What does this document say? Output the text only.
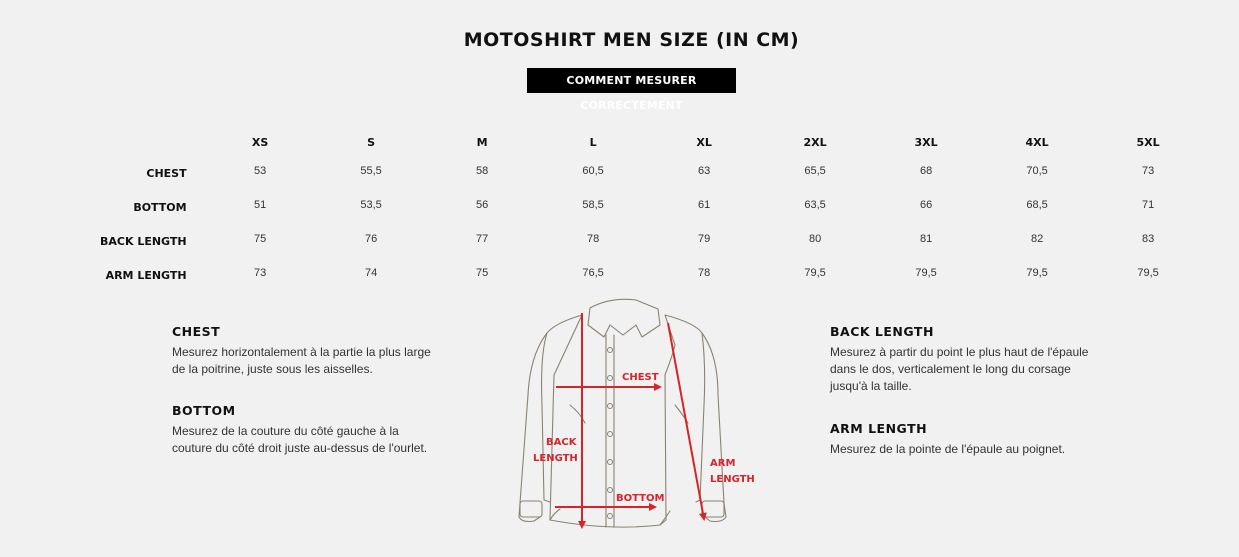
MOTOSHIRT MEN SIZE (IN CM)
COMMENT MESURER CORRECTEMENT
	XS	S	M	L	XL	2XL	3XL	4XL	5XL
CHEST	53	55,5	58	60,5	63	65,5	68	70,5	73
BOTTOM	51	53,5	56	58,5	61	63,5	66	68,5	71
BACK LENGTH	75	76	77	78	79	80	81	82	83
ARM LENGTH	73	74	75	76,5	78	79,5	79,5	79,5	79,5
CHEST

Mesurez horizontalement à la partie la plus large de la poitrine, juste sous les aisselles.

BOTTOM

Mesurez de la couture du côté gauche à la couture du côté droit juste au-dessus de l'ourlet.

BACK LENGTH

Mesurez à partir du point le plus haut de l'épaule dans le dos, verticalement le long du corsage jusqu'à la taille.

ARM LENGTH

Mesurez de la pointe de l'épaule au poignet.

CHEST
BACK
LENGTH
BOTTOM
ARM
LENGTH
